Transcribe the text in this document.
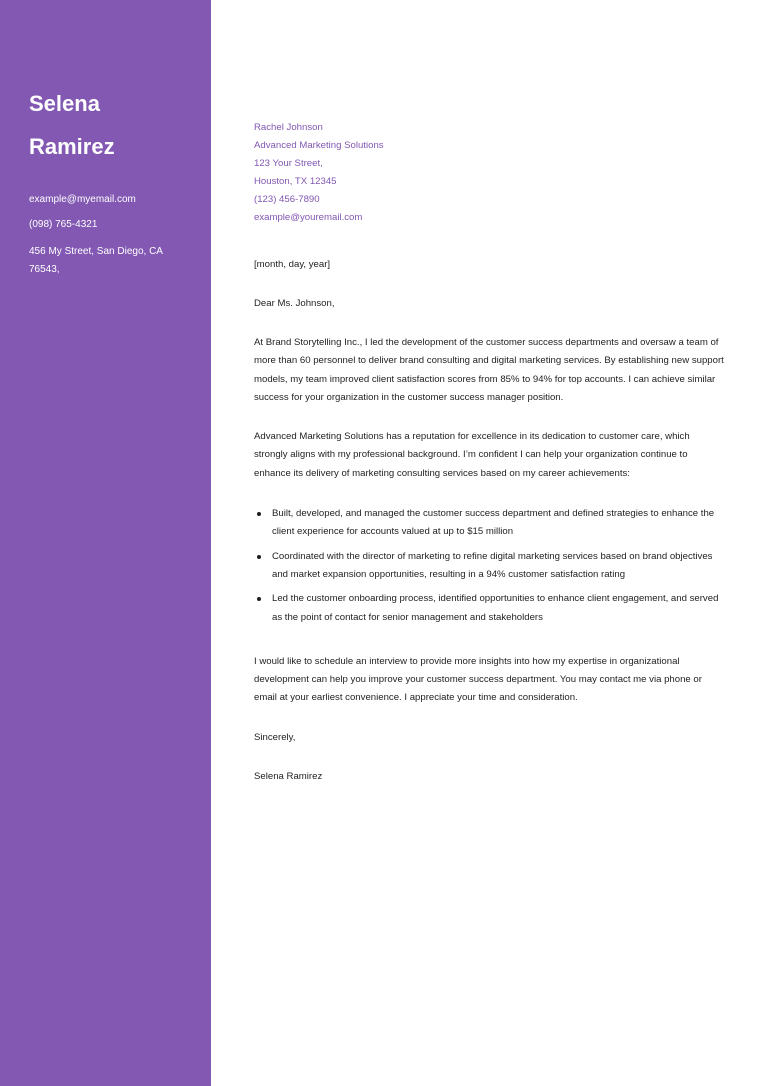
Selena
Ramirez
example@myemail.com
(098) 765-4321
456 My Street, San Diego, CA
76543,
Rachel Johnson
Advanced Marketing Solutions
123 Your Street,
Houston, TX 12345
(123) 456-7890
example@youremail.com

[month, day, year]

Dear Ms. Johnson,

At Brand Storytelling Inc., I led the development of the customer success departments and oversaw a team of more than 60 personnel to deliver brand consulting and digital marketing services. By establishing new support models, my team improved client satisfaction scores from 85% to 94% for top accounts. I can achieve similar success for your organization in the customer success manager position.

Advanced Marketing Solutions has a reputation for excellence in its dedication to customer care, which strongly aligns with my professional background. I’m confident I can help your organization continue to enhance its delivery of marketing consulting services based on my career achievements:

Built, developed, and managed the customer success department and defined strategies to enhance the client experience for accounts valued at up to $15 million
Coordinated with the director of marketing to refine digital marketing services based on brand objectives and market expansion opportunities, resulting in a 94% customer satisfaction rating
Led the customer onboarding process, identified opportunities to enhance client engagement, and served as the point of contact for senior management and stakeholders

I would like to schedule an interview to provide more insights into how my expertise in organizational development can help you improve your customer success department. You may contact me via phone or email at your earliest convenience. I appreciate your time and consideration.

Sincerely,

Selena Ramirez
